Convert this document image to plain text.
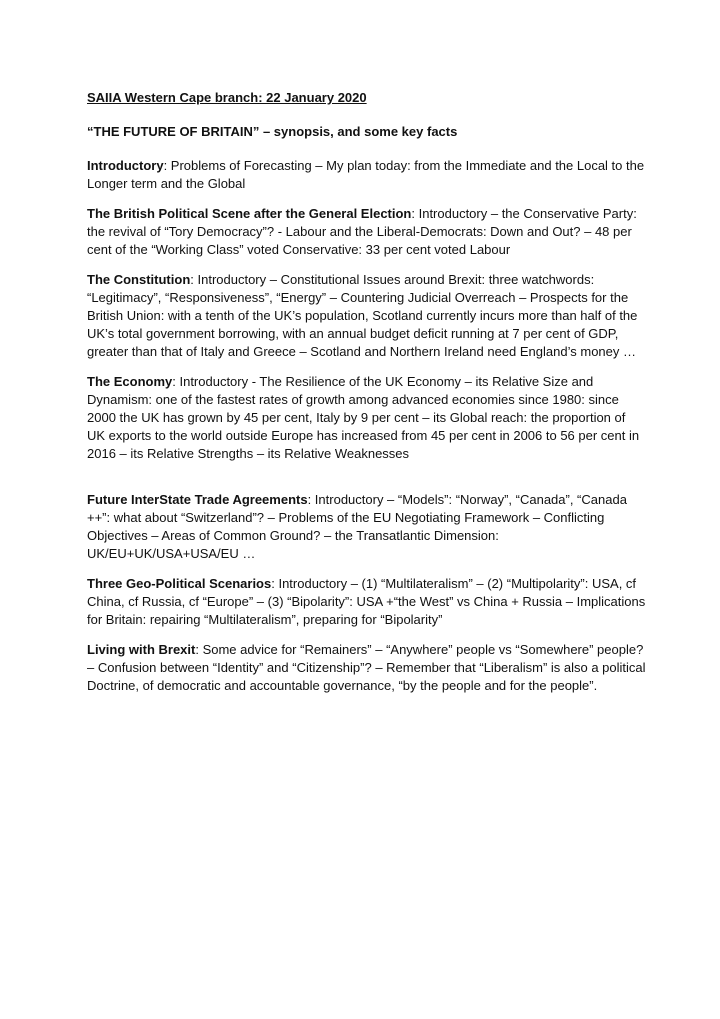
SAIIA Western Cape branch: 22 January 2020

“THE FUTURE OF BRITAIN” – synopsis, and some key facts

Introductory: Problems of Forecasting – My plan today: from the Immediate and the Local to the Longer term and the Global

The British Political Scene after the General Election: Introductory – the Conservative Party: the revival of “Tory Democracy”? - Labour and the Liberal-Democrats: Down and Out? – 48 per cent of the “Working Class” voted Conservative: 33 per cent voted Labour

The Constitution: Introductory – Constitutional Issues around Brexit: three watchwords: “Legitimacy”, “Responsiveness”, “Energy” – Countering Judicial Overreach – Prospects for the British Union: with a tenth of the UK’s population, Scotland currently incurs more than half of the UK’s total government borrowing, with an annual budget deficit running at 7 per cent of GDP, greater than that of Italy and Greece – Scotland and Northern Ireland need England’s money …

The Economy: Introductory - The Resilience of the UK Economy – its Relative Size and Dynamism: one of the fastest rates of growth among advanced economies since 1980: since 2000 the UK has grown by 45 per cent, Italy by 9 per cent – its Global reach: the proportion of UK exports to the world outside Europe has increased from 45 per cent in 2006 to 56 per cent in 2016 – its Relative Strengths – its Relative Weaknesses

Future InterState Trade Agreements: Introductory – “Models”: “Norway”, “Canada”, “Canada ++”: what about “Switzerland”? – Problems of the EU Negotiating Framework – Conflicting Objectives – Areas of Common Ground? – the Transatlantic Dimension: UK/EU+UK/USA+USA/EU …

Three Geo-Political Scenarios: Introductory – (1) “Multilateralism” – (2) “Multipolarity”: USA, cf China, cf Russia, cf “Europe” – (3) “Bipolarity”: USA +“the West” vs China + Russia – Implications for Britain: repairing “Multilateralism”, preparing for “Bipolarity”

Living with Brexit: Some advice for “Remainers” – “Anywhere” people vs “Somewhere” people? – Confusion between “Identity” and “Citizenship”? – Remember that “Liberalism” is also a political Doctrine, of democratic and accountable governance, “by the people and for the people”.
